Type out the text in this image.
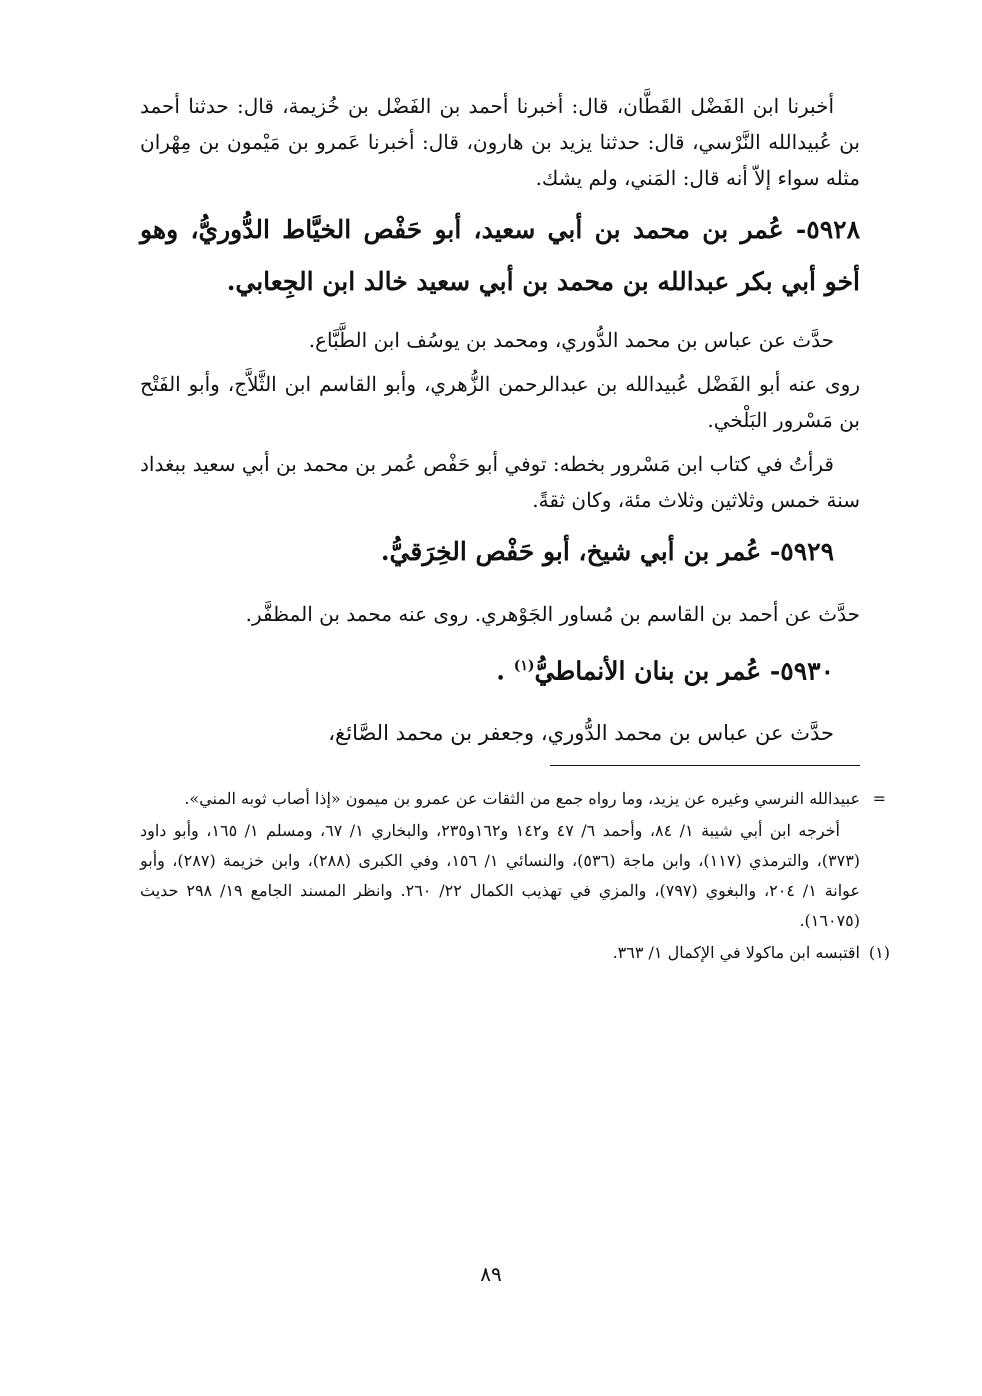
أخبرنا ابن الفَضْل القَطَّان، قال: أخبرنا أحمد بن الفَضْل بن خُزيمة، قال: حدثنا أحمد بن عُبيدالله النَّرْسي، قال: حدثنا يزيد بن هارون، قال: أخبرنا عَمرو بن مَيْمون بن مِهْران مثله سواء إلاّ أنه قال: المَني، ولم يشك.

٥٩٢٨- عُمر بن محمد بن أبي سعيد، أبو حَفْص الخيَّاط الدُّوريُّ، وهو أخو أبي بكر عبدالله بن محمد بن أبي سعيد خالد ابن الجِعابي.

حدَّث عن عباس بن محمد الدُّوري، ومحمد بن يوسُف ابن الطَّبَّاع.

روى عنه أبو الفَضْل عُبيدالله بن عبدالرحمن الزُّهري، وأبو القاسم ابن الثَّلاَّج، وأبو الفَتْح بن مَسْرور البَلْخي.

قرأتُ في كتاب ابن مَسْرور بخطه: توفي أبو حَفْص عُمر بن محمد بن أبي سعيد ببغداد سنة خمس وثلاثين وثلاث مئة، وكان ثقةً.

٥٩٢٩- عُمر بن أبي شيخ، أبو حَفْص الخِرَقيُّ.

حدَّث عن أحمد بن القاسم بن مُساور الجَوْهري. روى عنه محمد بن المظفَّر.

٥٩٣٠- عُمر بن بنان الأنماطيُّ$^{(١)}$ .

حدَّث عن عباس بن محمد الدُّوري، وجعفر بن محمد الصَّائغ،

=
عبيدالله النرسي وغيره عن يزيد، وما رواه جمع من الثقات عن عمرو بن ميمون «إذا أصاب ثوبه المني».

أخرجه ابن أبي شيبة ١/ ٨٤، وأحمد ٦/ ٤٧ و١٤٢ و١٦٢و٢٣٥، والبخاري ١/ ٦٧، ومسلم ١/ ١٦٥، وأبو داود (٣٧٣)، والترمذي (١١٧)، وابن ماجة (٥٣٦)، والنسائي ١/ ١٥٦، وفي الكبرى (٢٨٨)، وابن خزيمة (٢٨٧)، وأبو عوانة ١/ ٢٠٤، والبغوي (٧٩٧)، والمزي في تهذيب الكمال ٢٢/ ٢٦٠. وانظر المسند الجامع ١٩/ ٢٩٨ حديث (١٦٠٧٥).

(١)
اقتبسه ابن ماكولا في الإكمال ١/ ٣٦٣.

٨٩
